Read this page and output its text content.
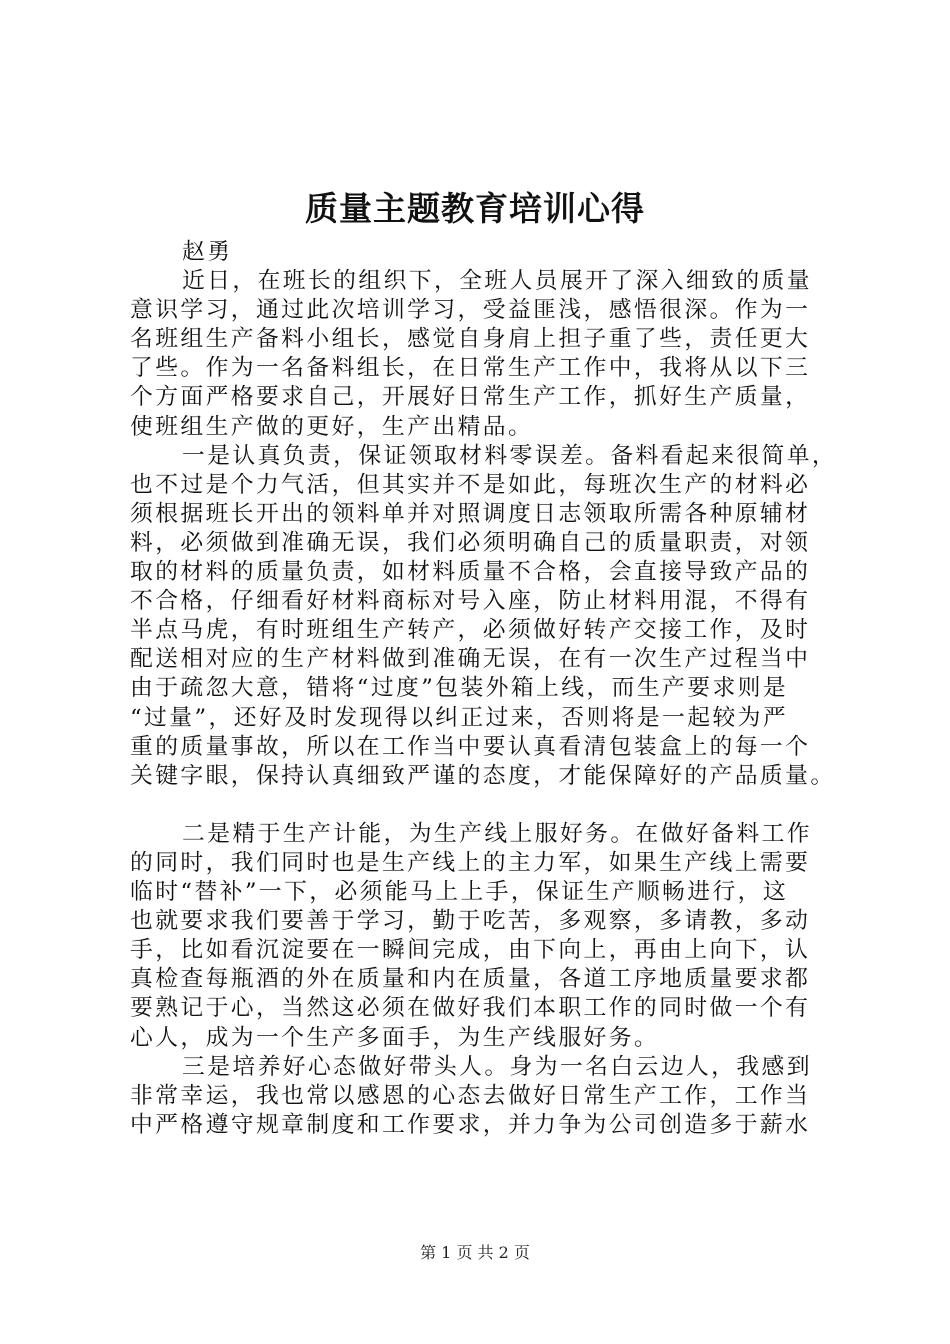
质量主题教育培训心得
赵勇
近日，在班长的组织下，全班人员展开了深入细致的质量
意识学习，通过此次培训学习，受益匪浅，感悟很深。作为一
名班组生产备料小组长，感觉自身肩上担子重了些，责任更大
了些。作为一名备料组长，在日常生产工作中，我将从以下三
个方面严格要求自己，开展好日常生产工作，抓好生产质量，
使班组生产做的更好，生产出精品。
一是认真负责，保证领取材料零误差。备料看起来很简单，
也不过是个力气活，但其实并不是如此，每班次生产的材料必
须根据班长开出的领料单并对照调度日志领取所需各种原辅材
料，必须做到准确无误，我们必须明确自己的质量职责，对领
取的材料的质量负责，如材料质量不合格，会直接导致产品的
不合格，仔细看好材料商标对号入座，防止材料用混，不得有
半点马虎，有时班组生产转产，必须做好转产交接工作，及时
配送相对应的生产材料做到准确无误，在有一次生产过程当中
由于疏忽大意，错将“过度”包装外箱上线，而生产要求则是
“过量”，还好及时发现得以纠正过来，否则将是一起较为严
重的质量事故，所以在工作当中要认真看清包装盒上的每一个
关键字眼，保持认真细致严谨的态度，才能保障好的产品质量。
二是精于生产计能，为生产线上服好务。在做好备料工作
的同时，我们同时也是生产线上的主力军，如果生产线上需要
临时“替补”一下，必须能马上上手，保证生产顺畅进行，这
也就要求我们要善于学习，勤于吃苦，多观察，多请教，多动
手，比如看沉淀要在一瞬间完成，由下向上，再由上向下，认
真检查每瓶酒的外在质量和内在质量，各道工序地质量要求都
要熟记于心，当然这必须在做好我们本职工作的同时做一个有
心人，成为一个生产多面手，为生产线服好务。
三是培养好心态做好带头人。身为一名白云边人，我感到
非常幸运，我也常以感恩的心态去做好日常生产工作，工作当
中严格遵守规章制度和工作要求，并力争为公司创造多于薪水
第 1 页 共 2 页
